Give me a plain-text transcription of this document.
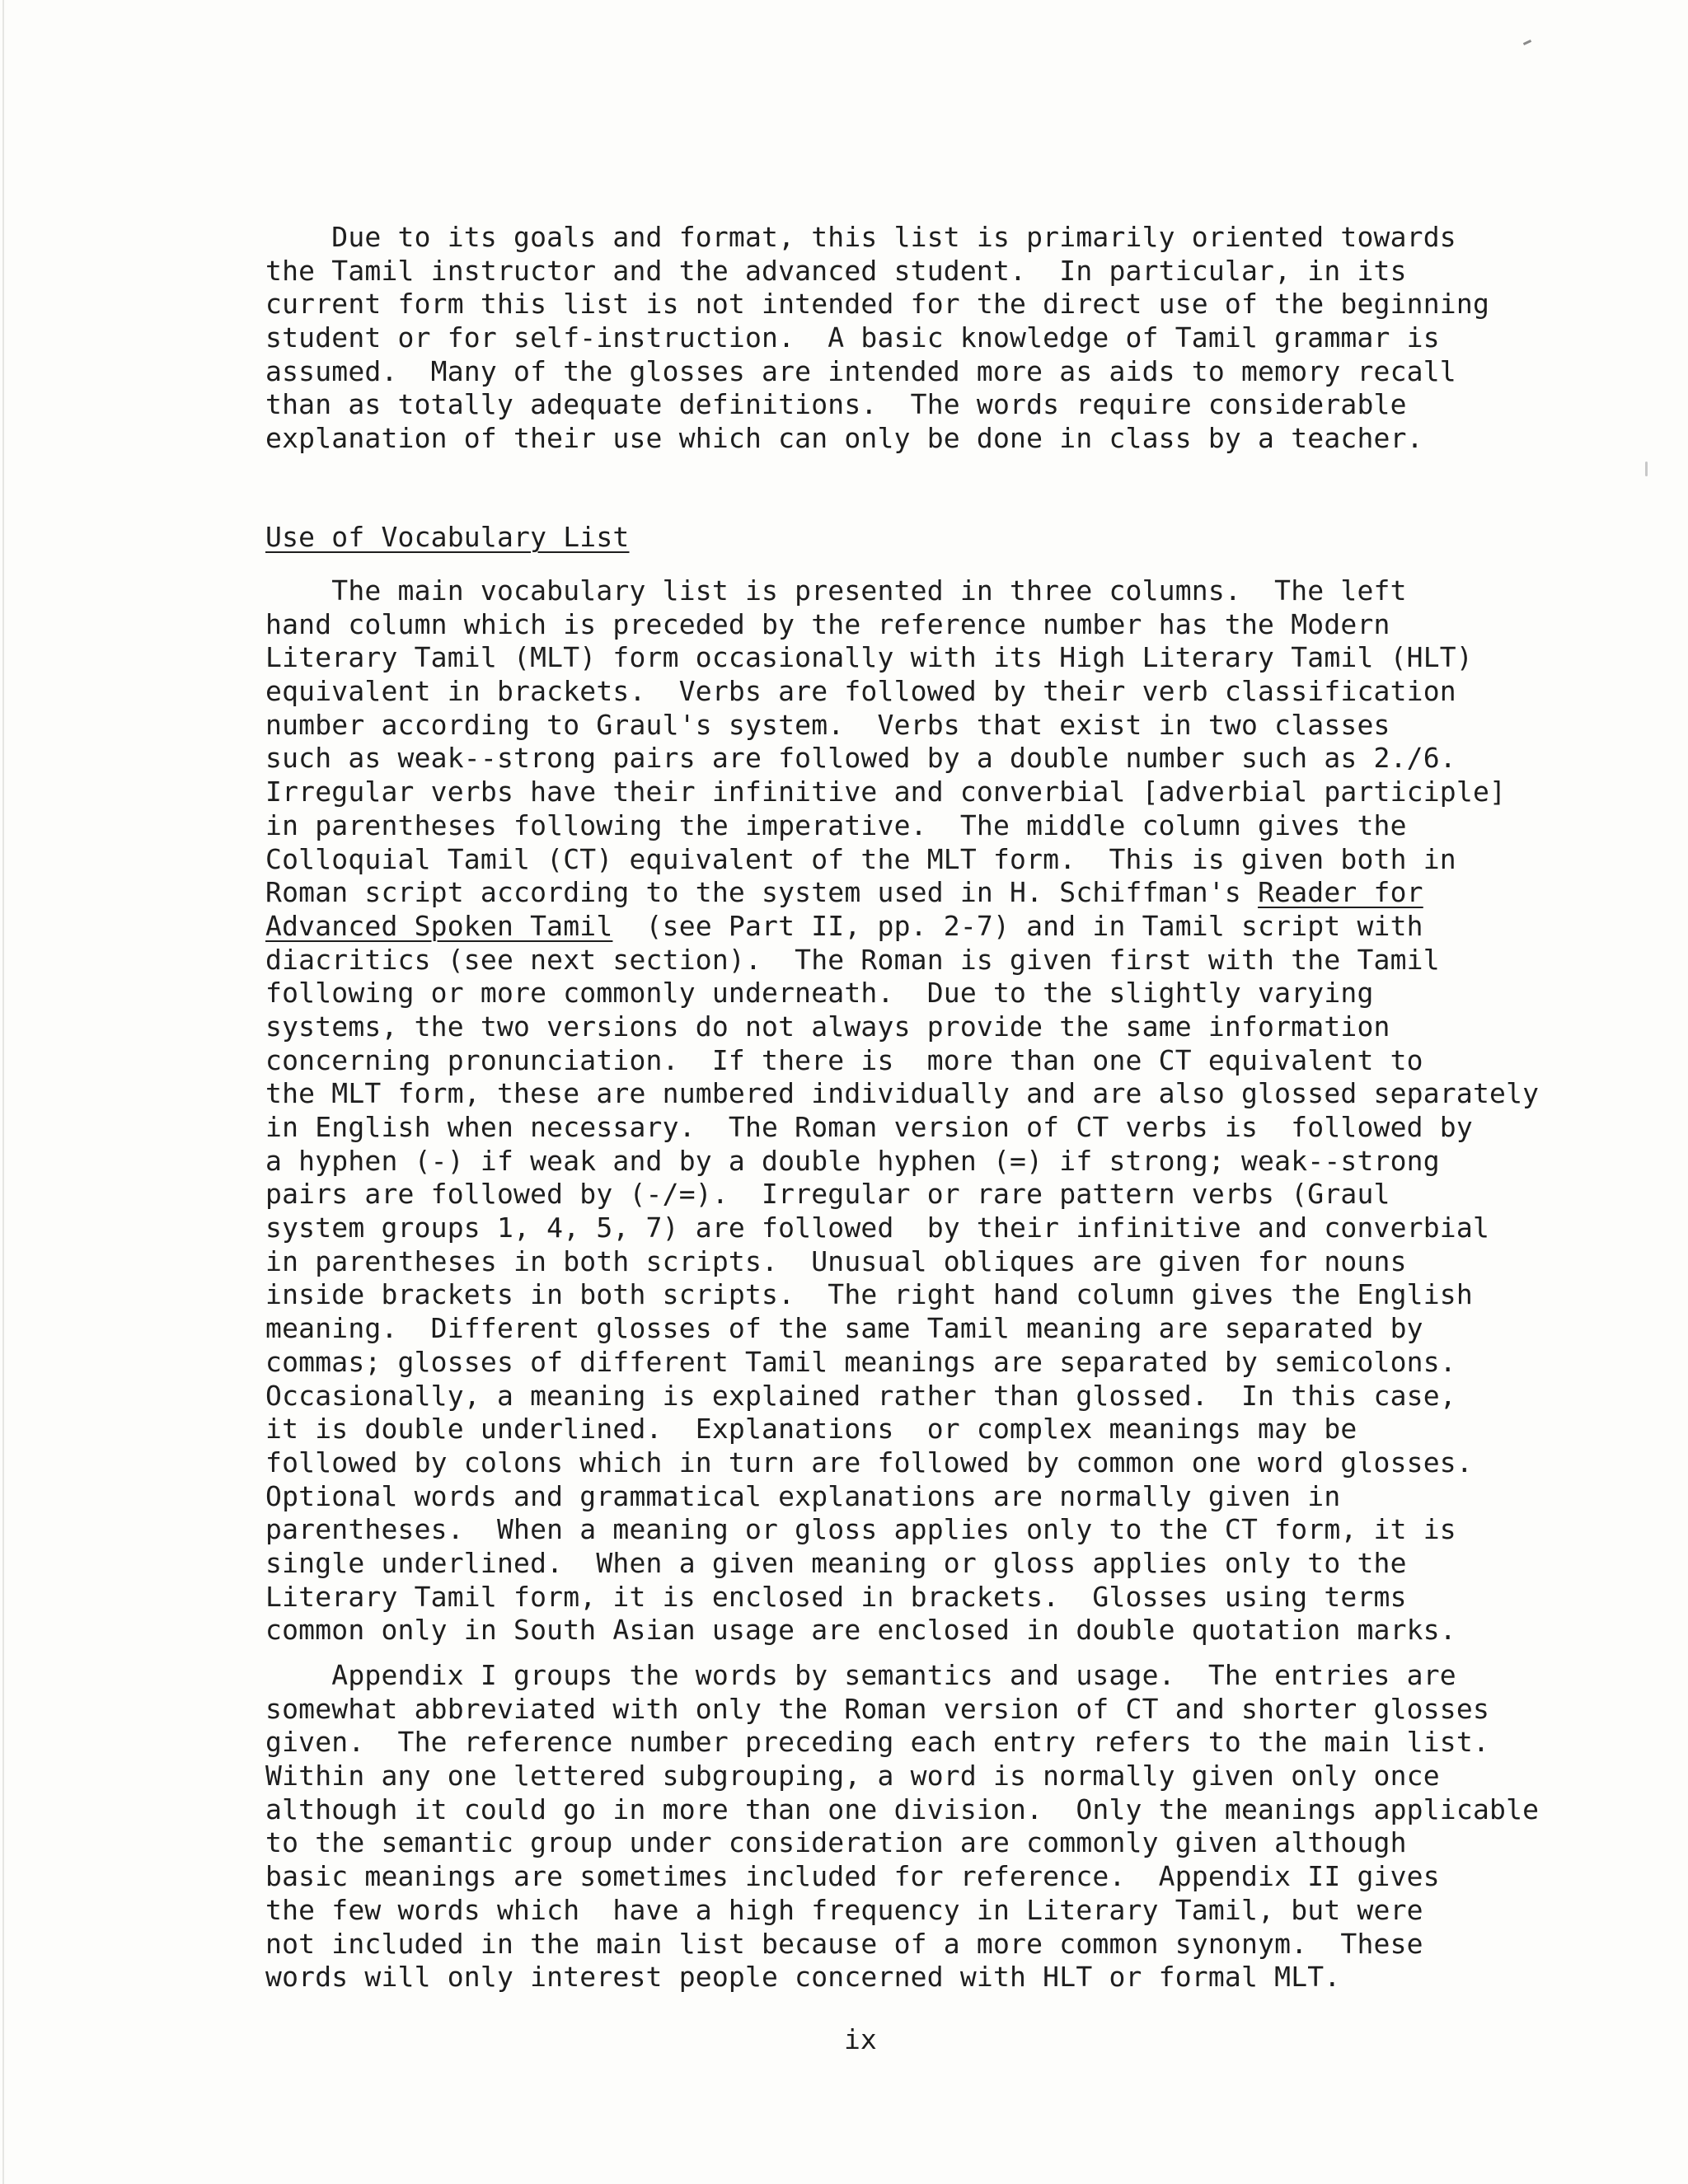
Due to its goals and format, this list is primarily oriented towards
the Tamil instructor and the advanced student.  In particular, in its
current form this list is not intended for the direct use of the beginning
student or for self-instruction.  A basic knowledge of Tamil grammar is
assumed.  Many of the glosses are intended more as aids to memory recall
than as totally adequate definitions.  The words require considerable
explanation of their use which can only be done in class by a teacher.
Use of Vocabulary List
The main vocabulary list is presented in three columns.  The left
hand column which is preceded by the reference number has the Modern
Literary Tamil (MLT) form occasionally with its High Literary Tamil (HLT)
equivalent in brackets.  Verbs are followed by their verb classification
number according to Graul's system.  Verbs that exist in two classes
such as weak--strong pairs are followed by a double number such as 2./6.
Irregular verbs have their infinitive and converbial [adverbial participle]
in parentheses following the imperative.  The middle column gives the
Colloquial Tamil (CT) equivalent of the MLT form.  This is given both in
Roman script according to the system used in H. Schiffman's Reader for
Advanced Spoken Tamil  (see Part II, pp. 2-7) and in Tamil script with
diacritics (see next section).  The Roman is given first with the Tamil
following or more commonly underneath.  Due to the slightly varying
systems, the two versions do not always provide the same information
concerning pronunciation.  If there is  more than one CT equivalent to
the MLT form, these are numbered individually and are also glossed separately
in English when necessary.  The Roman version of CT verbs is  followed by
a hyphen (-) if weak and by a double hyphen (=) if strong; weak--strong
pairs are followed by (-/=).  Irregular or rare pattern verbs (Graul
system groups 1, 4, 5, 7) are followed  by their infinitive and converbial
in parentheses in both scripts.  Unusual obliques are given for nouns
inside brackets in both scripts.  The right hand column gives the English
meaning.  Different glosses of the same Tamil meaning are separated by
commas; glosses of different Tamil meanings are separated by semicolons.
Occasionally, a meaning is explained rather than glossed.  In this case,
it is double underlined.  Explanations  or complex meanings may be
followed by colons which in turn are followed by common one word glosses.
Optional words and grammatical explanations are normally given in
parentheses.  When a meaning or gloss applies only to the CT form, it is
single underlined.  When a given meaning or gloss applies only to the
Literary Tamil form, it is enclosed in brackets.  Glosses using terms
common only in South Asian usage are enclosed in double quotation marks.
Appendix I groups the words by semantics and usage.  The entries are
somewhat abbreviated with only the Roman version of CT and shorter glosses
given.  The reference number preceding each entry refers to the main list.
Within any one lettered subgrouping, a word is normally given only once
although it could go in more than one division.  Only the meanings applicable
to the semantic group under consideration are commonly given although
basic meanings are sometimes included for reference.  Appendix II gives
the few words which  have a high frequency in Literary Tamil, but were
not included in the main list because of a more common synonym.  These
words will only interest people concerned with HLT or formal MLT.
ix
